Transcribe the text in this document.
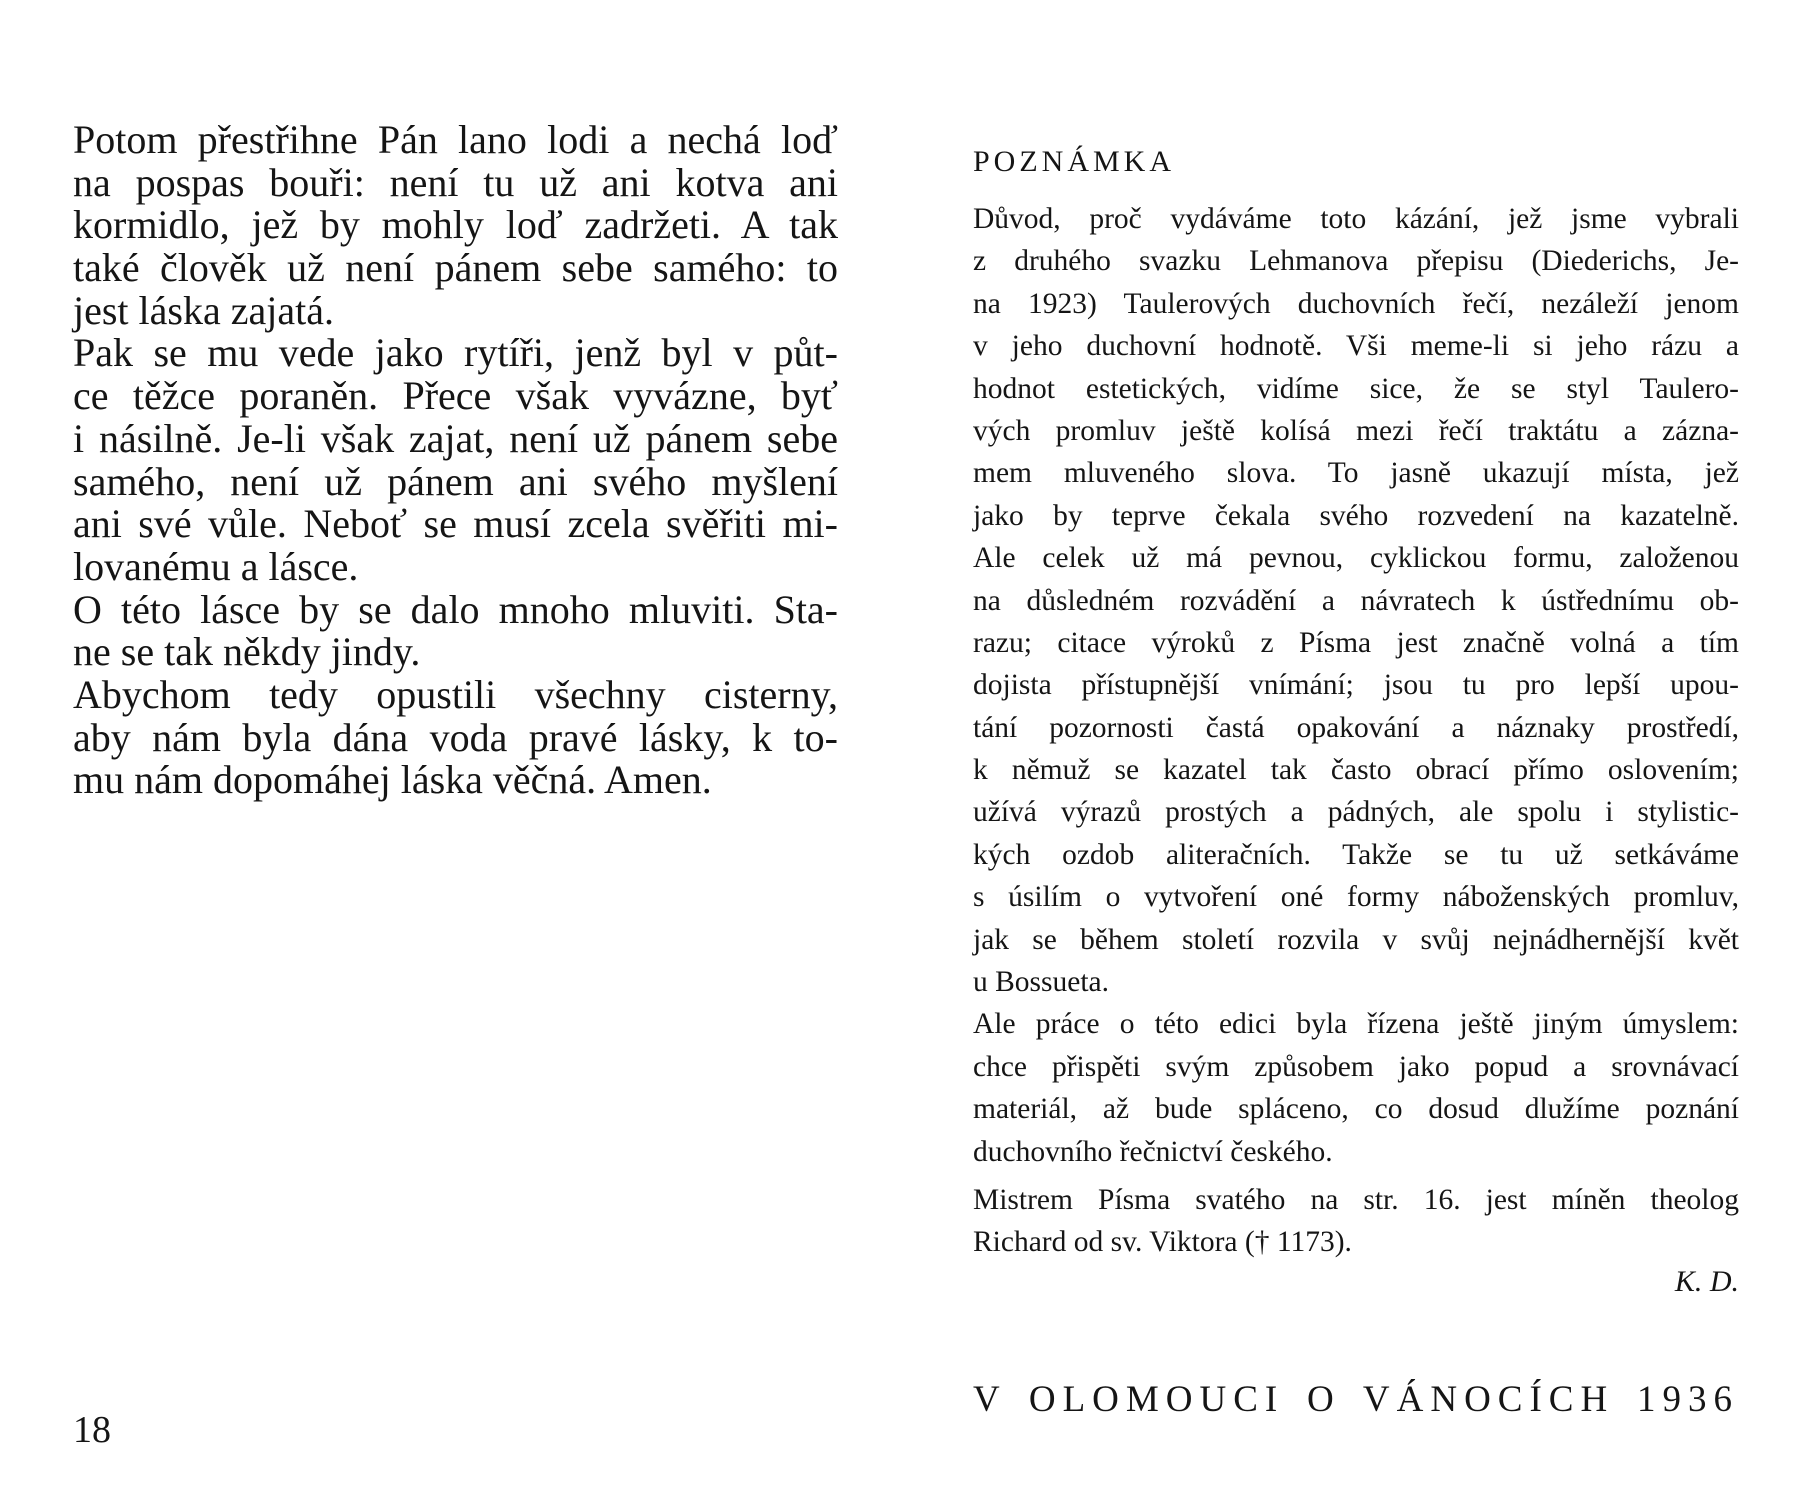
Potom přestřihne Pán lano lodi a nechá loď
na pospas bouři: není tu už ani kotva ani
kormidlo, jež by mohly loď zadržeti. A tak
také člověk už není pánem sebe samého: to
jest láska zajatá.
Pak se mu vede jako rytíři, jenž byl v půt-
ce těžce poraněn. Přece však vyvázne, byť
i násilně. Je-li však zajat, není už pánem sebe
samého, není už pánem ani svého myšlení
ani své vůle. Neboť se musí zcela svěřiti mi-
lovanému a lásce.
O této lásce by se dalo mnoho mluviti. Sta-
ne se tak někdy jindy.
Abychom tedy opustili všechny cisterny,
aby nám byla dána voda pravé lásky, k to-
mu nám dopomáhej láska věčná. Amen.
18
POZNÁMKA
Důvod, proč vydáváme toto kázání, jež jsme vybrali
z druhého svazku Lehmanova přepisu (Diederichs, Je-
na 1923) Taulerových duchovních řečí, nezáleží jenom
v jeho duchovní hodnotě. Vši meme-li si jeho rázu a
hodnot estetických, vidíme sice, že se styl Taulero-
vých promluv ještě kolísá mezi řečí traktátu a zázna-
mem mluveného slova. To jasně ukazují místa, jež
jako by teprve čekala svého rozvedení na kazatelně.
Ale celek už má pevnou, cyklickou formu, založenou
na důsledném rozvádění a návratech k ústřednímu ob-
razu; citace výroků z Písma jest značně volná a tím
dojista přístupnější vnímání; jsou tu pro lepší upou-
tání pozornosti častá opakování a náznaky prostředí,
k němuž se kazatel tak často obrací přímo oslovením;
užívá výrazů prostých a pádných, ale spolu i stylistic-
kých ozdob aliteračních. Takže se tu už setkáváme
s úsilím o vytvoření oné formy náboženských promluv,
jak se během století rozvila v svůj nejnádhernější květ
u Bossueta.
Ale práce o této edici byla řízena ještě jiným úmyslem:
chce přispěti svým způsobem jako popud a srovnávací
materiál, až bude spláceno, co dosud dlužíme poznání
duchovního řečnictví českého.
Mistrem Písma svatého na str. 16. jest míněn theolog
Richard od sv. Viktora († 1173).
K. D.
V OLOMOUCI O VÁNOCÍCH 1936
